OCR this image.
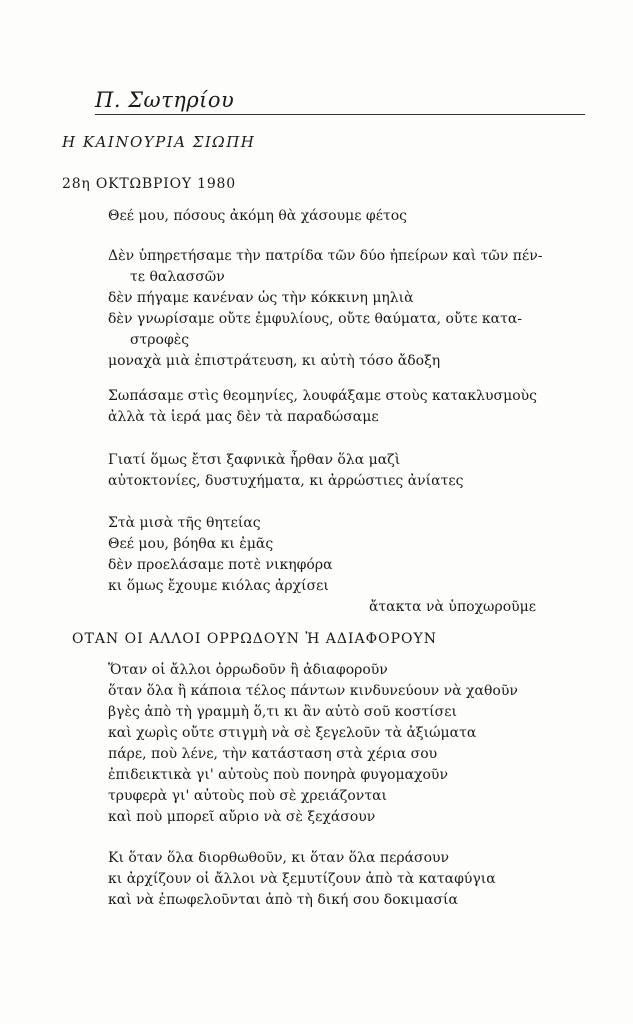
Π. Σωτηρίου
Η ΚΑΙΝΟΥΡΙΑ ΣΙΩΠΗ
28η ΟΚΤΩΒΡΙΟΥ 1980
Θεέ μου, πόσους ἀκόμη θὰ χάσουμε φέτος
Δὲν ὑπηρετήσαμε τὴν πατρίδα τῶν δύο ἠπείρων καὶ τῶν πέν-
τε θαλασσῶν
δὲν πήγαμε κανέναν ὡς τὴν κόκκινη μηλιὰ
δὲν γνωρίσαμε οὔτε ἐμφυλίους, οὔτε θαύματα, οὔτε κατα-
στροφὲς
μοναχὰ μιὰ ἐπιστράτευση, κι αὐτὴ τόσο ἄδοξη
Σωπάσαμε στὶς θεομηνίες, λουφάξαμε στοὺς κατακλυσμοὺς
ἀλλὰ τὰ ἱερά μας δὲν τὰ παραδώσαμε
Γιατί ὅμως ἔτσι ξαφνικὰ ἦρθαν ὅλα μαζὶ
αὐτοκτονίες, δυστυχήματα, κι ἀρρώστιες ἀνίατες
Στὰ μισὰ τῆς θητείας
Θεέ μου, βόηθα κι ἐμᾶς
δὲν προελάσαμε ποτὲ νικηφόρα
κι ὅμως ἔχουμε κιόλας ἀρχίσει
ἄτακτα νὰ ὑποχωροῦμε
ΟΤΑΝ ΟΙ ΑΛΛΟΙ ΟΡΡΩΔΟΥΝ Ἠ ΑΔΙΑΦΟΡΟΥΝ
Ὅταν οἱ ἄλλοι ὀρρωδοῦν ἢ ἀδιαφοροῦν
ὅταν ὅλα ἢ κάποια τέλος πάντων κινδυνεύουν νὰ χαθοῦν
βγὲς ἀπὸ τὴ γραμμὴ ὅ,τι κι ἂν αὐτὸ σοῦ κοστίσει
καὶ χωρὶς οὔτε στιγμὴ νὰ σὲ ξεγελοῦν τὰ ἀξιώματα
πάρε, ποὺ λένε, τὴν κατάσταση στὰ χέρια σου
ἐπιδεικτικὰ γι' αὐτοὺς ποὺ πονηρὰ φυγομαχοῦν
τρυφερὰ γι' αὐτοὺς ποὺ σὲ χρειάζονται
καὶ ποὺ μπορεῖ αὔριο νὰ σὲ ξεχάσουν
Κι ὅταν ὅλα διορθωθοῦν, κι ὅταν ὅλα περάσουν
κι ἀρχίζουν οἱ ἄλλοι νὰ ξεμυτίζουν ἀπὸ τὰ καταφύγια
καὶ νὰ ἐπωφελοῦνται ἀπὸ τὴ δική σου δοκιμασία
